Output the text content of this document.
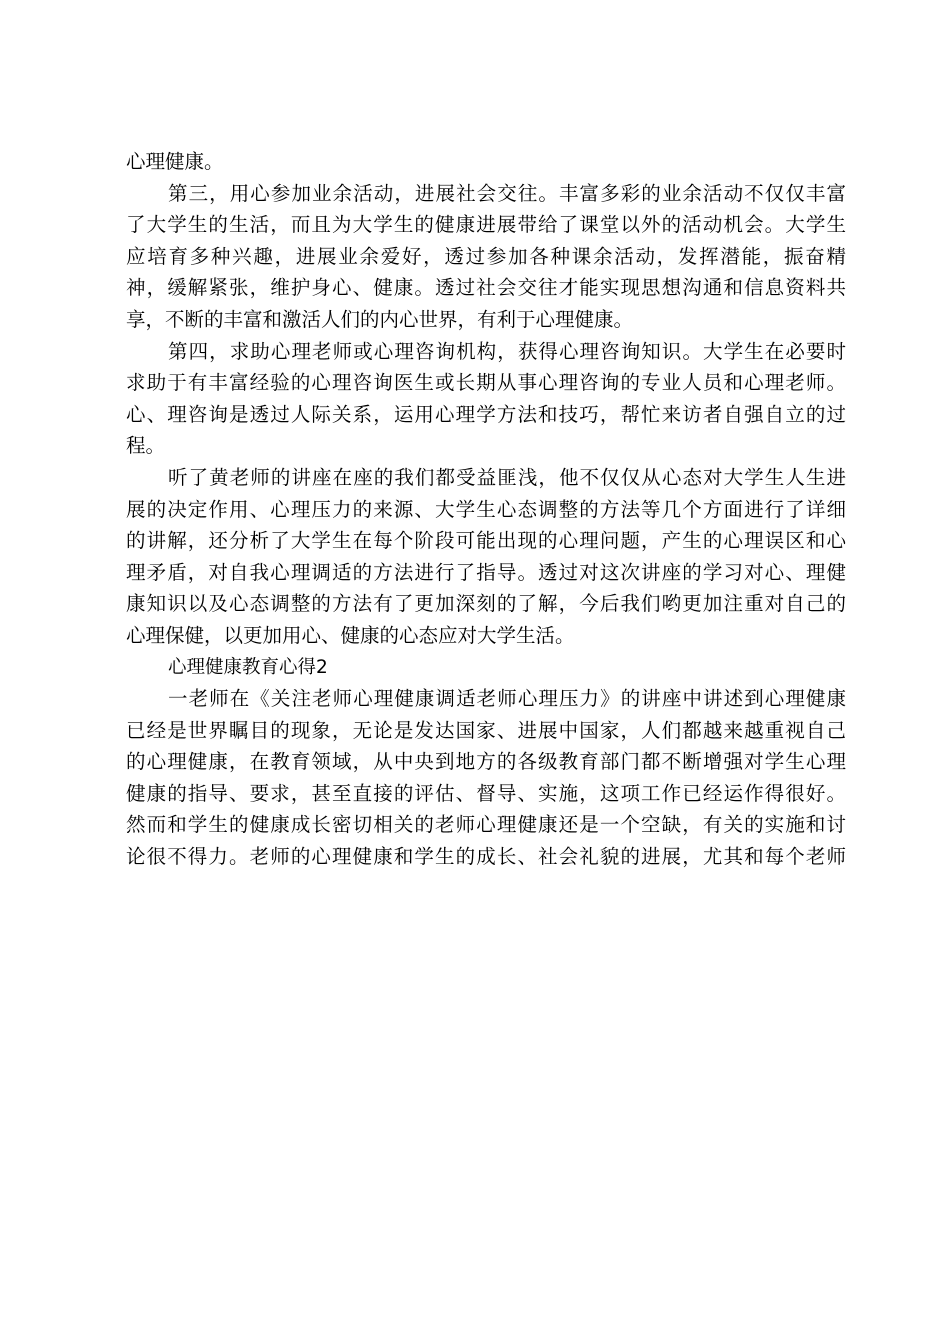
心理健康。
第三，用心参加业余活动，进展社会交往。丰富多彩的业余活动不仅仅丰富
了大学生的生活，而且为大学生的健康进展带给了课堂以外的活动机会。大学生
应培育多种兴趣，进展业余爱好，透过参加各种课余活动，发挥潜能，振奋精
神，缓解紧张，维护身心、健康。透过社会交往才能实现思想沟通和信息资料共
享，不断的丰富和激活人们的内心世界，有利于心理健康。
第四，求助心理老师或心理咨询机构，获得心理咨询知识。大学生在必要时
求助于有丰富经验的心理咨询医生或长期从事心理咨询的专业人员和心理老师。
心、理咨询是透过人际关系，运用心理学方法和技巧，帮忙来访者自强自立的过
程。
听了黄老师的讲座在座的我们都受益匪浅，他不仅仅从心态对大学生人生进
展的决定作用、心理压力的来源、大学生心态调整的方法等几个方面进行了详细
的讲解，还分析了大学生在每个阶段可能出现的心理问题，产生的心理误区和心
理矛盾，对自我心理调适的方法进行了指导。透过对这次讲座的学习对心、理健
康知识以及心态调整的方法有了更加深刻的了解，今后我们哟更加注重对自己的
心理保健，以更加用心、健康的心态应对大学生活。
心理健康教育心得2
一老师在《关注老师心理健康调适老师心理压力》的讲座中讲述到心理健康
已经是世界瞩目的现象，无论是发达国家、进展中国家，人们都越来越重视自己
的心理健康，在教育领域，从中央到地方的各级教育部门都不断增强对学生心理
健康的指导、要求，甚至直接的评估、督导、实施，这项工作已经运作得很好。
然而和学生的健康成长密切相关的老师心理健康还是一个空缺，有关的实施和讨
论很不得力。老师的心理健康和学生的成长、社会礼貌的进展，尤其和每个老师
